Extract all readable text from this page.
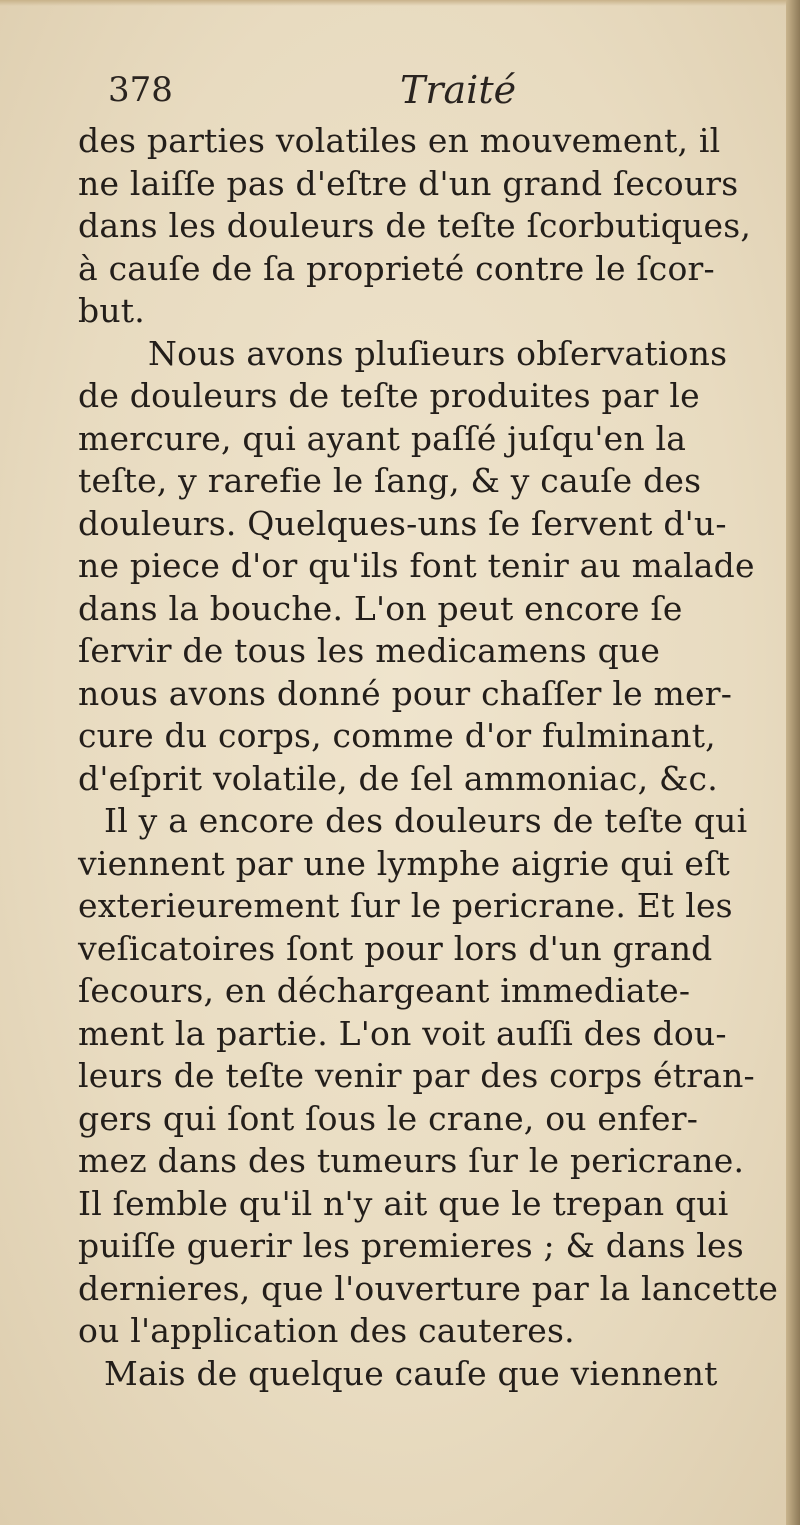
378	Traité
des parties volatiles en mouvement, il
ne laiſſe pas d'eſtre d'un grand ſecours
dans les douleurs de teſte ſcorbutiques,
à cauſe de ſa proprieté contre le ſcor-
but.
Nous avons pluſieurs obſervations
de douleurs de teſte produites par le
mercure, qui ayant paſſé juſqu'en la
teſte, y rarefie le ſang, & y cauſe des
douleurs. Quelques-uns ſe ſervent d'u-
ne piece d'or qu'ils font tenir au malade
dans la bouche. L'on peut encore ſe
ſervir de tous les medicamens que
nous avons donné pour chaſſer le mer-
cure du corps, comme d'or fulminant,
d'eſprit volatile, de ſel ammoniac, &c.
Il y a encore des douleurs de teſte qui
viennent par une lymphe aigrie qui eſt
exterieurement ſur le pericrane. Et les
veſicatoires ſont pour lors d'un grand
ſecours, en déchargeant immediate-
ment la partie. L'on voit auſſi des dou-
leurs de teſte venir par des corps étran-
gers qui ſont ſous le crane, ou enfer-
mez dans des tumeurs ſur le pericrane.
Il ſemble qu'il n'y ait que le trepan qui
puiſſe guerir les premieres ; & dans les
dernieres, que l'ouverture par la lancette
ou l'application des cauteres.
Mais de quelque cauſe que viennent
